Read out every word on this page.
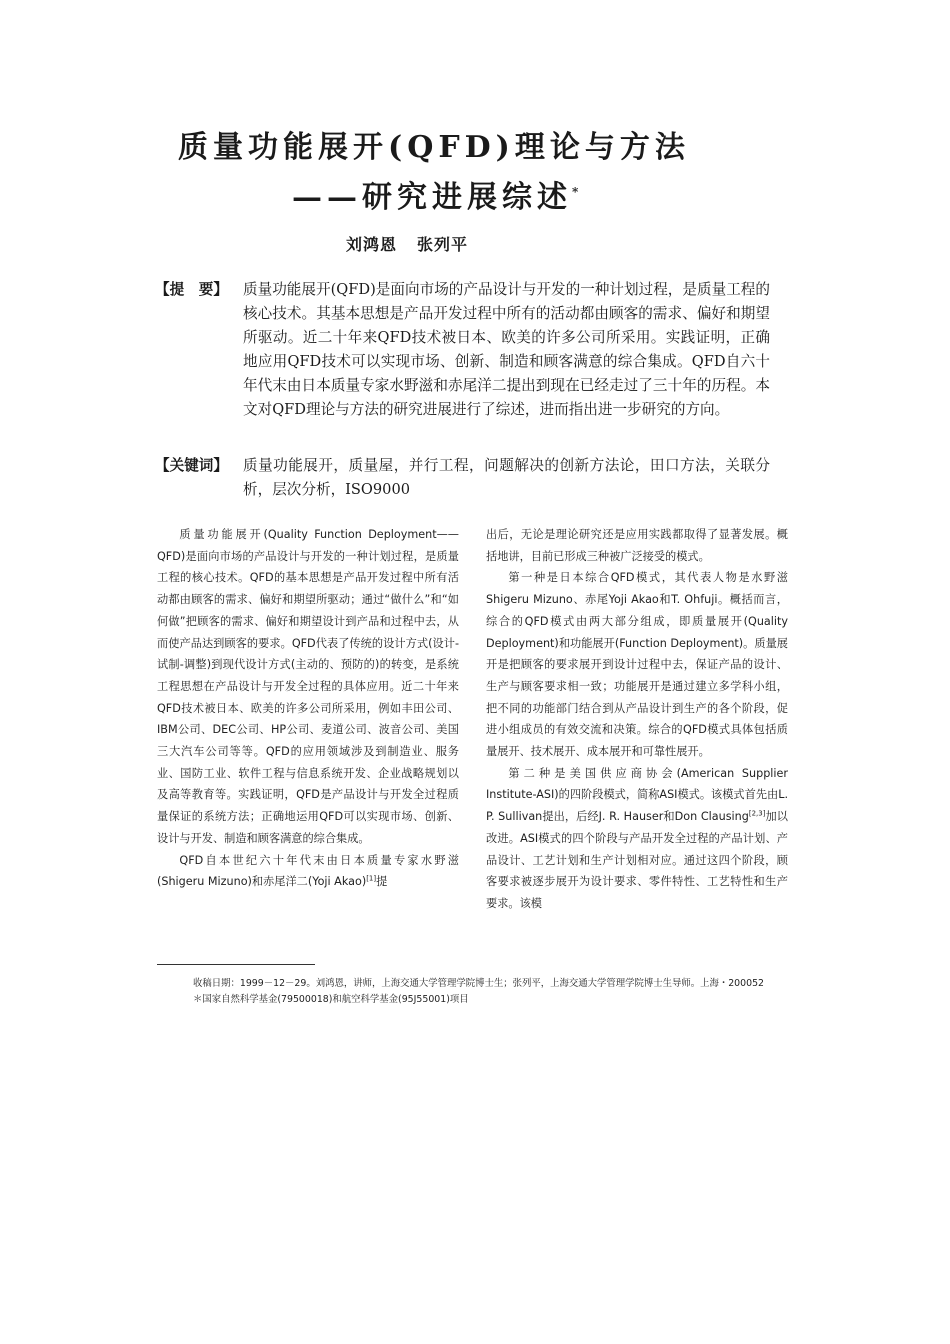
质量功能展开(QFD)理论与方法
——研究进展综述*
刘鸿恩 张列平
【提　要】 质量功能展开(QFD)是面向市场的产品设计与开发的一种计划过程，是质量工程的核心技术。其基本思想是产品开发过程中所有的活动都由顾客的需求、偏好和期望所驱动。近二十年来QFD技术被日本、欧美的许多公司所采用。实践证明，正确地应用QFD技术可以实现市场、创新、制造和顾客满意的综合集成。QFD自六十年代末由日本质量专家水野滋和赤尾洋二提出到现在已经走过了三十年的历程。本文对QFD理论与方法的研究进展进行了综述，进而指出进一步研究的方向。
【关键词】 质量功能展开，质量屋，并行工程，问题解决的创新方法论，田口方法，关联分析，层次分析，ISO9000

质量功能展开(Quality Function Deployment——QFD)是面向市场的产品设计与开发的一种计划过程，是质量工程的核心技术。QFD的基本思想是产品开发过程中所有活动都由顾客的需求、偏好和期望所驱动；通过“做什么”和“如何做”把顾客的需求、偏好和期望设计到产品和过程中去，从而使产品达到顾客的要求。QFD代表了传统的设计方式(设计-试制-调整)到现代设计方式(主动的、预防的)的转变，是系统工程思想在产品设计与开发全过程的具体应用。近二十年来QFD技术被日本、欧美的许多公司所采用，例如丰田公司、IBM公司、DEC公司、HP公司、麦道公司、波音公司、美国三大汽车公司等等。QFD的应用领域涉及到制造业、服务业、国防工业、软件工程与信息系统开发、企业战略规划以及高等教育等。实践证明，QFD是产品设计与开发全过程质量保证的系统方法；正确地运用QFD可以实现市场、创新、设计与开发、制造和顾客满意的综合集成。

QFD自本世纪六十年代末由日本质量专家水野滋(Shigeru Mizuno)和赤尾洋二(Yoji Akao)[1]提

出后，无论是理论研究还是应用实践都取得了显著发展。概括地讲，目前已形成三种被广泛接受的模式。

第一种是日本综合QFD模式，其代表人物是水野滋Shigeru Mizuno、赤尾Yoji Akao和T. Ohfuji。概括而言，综合的QFD模式由两大部分组成，即质量展开(Quality Deployment)和功能展开(Function Deployment)。质量展开是把顾客的要求展开到设计过程中去，保证产品的设计、生产与顾客要求相一致；功能展开是通过建立多学科小组，把不同的功能部门结合到从产品设计到生产的各个阶段，促进小组成员的有效交流和决策。综合的QFD模式具体包括质量展开、技术展开、成本展开和可靠性展开。

第二种是美国供应商协会(American Supplier Institute-ASI)的四阶段模式，简称ASI模式。该模式首先由L. P. Sullivan提出，后经J. R. Hauser和Don Clausing[2,3]加以改进。ASI模式的四个阶段与产品开发全过程的产品计划、产品设计、工艺计划和生产计划相对应。通过这四个阶段，顾客要求被逐步展开为设计要求、零件特性、工艺特性和生产要求。该模

收稿日期：1999－12－29。刘鸿恩，讲师，上海交通大学管理学院博士生；张列平，上海交通大学管理学院博士生导师。上海・200052

＊国家自然科学基金(79500018)和航空科学基金(95J55001)项目
